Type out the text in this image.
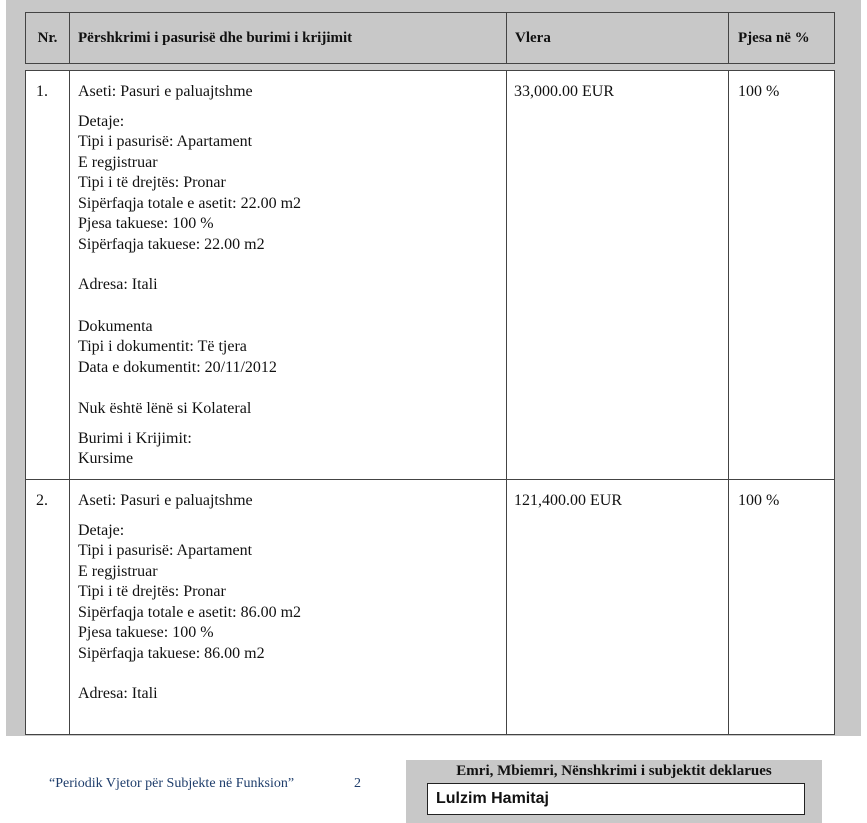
Nr.	Përshkrimi i pasurisë dhe burimi i krijimit	Vlera	Pjesa në %
1. Aseti: Pasuri e paluajtshme
Detaje:
Tipi i pasurisë: Apartament
E regjistruar
Tipi i të drejtës: Pronar
Sipërfaqja totale e asetit: 22.00 m2
Pjesa takuese: 100 %
Sipërfaqja takuese: 22.00 m2
Adresa: Itali
Dokumenta
Tipi i dokumentit: Të tjera
Data e dokumentit: 20/11/2012
Nuk është lënë si Kolateral
Burimi i Krijimit:
Kursime
33,000.00 EUR	100 %
2. Aseti: Pasuri e paluajtshme
Detaje:
Tipi i pasurisë: Apartament
E regjistruar
Tipi i të drejtës: Pronar
Sipërfaqja totale e asetit: 86.00 m2
Pjesa takuese: 100 %
Sipërfaqja takuese: 86.00 m2
Adresa: Itali
121,400.00 EUR	100 %
“Periodik Vjetor për Subjekte në Funksion”	2
Emri, Mbiemri, Nënshkrimi i subjektit deklarues
Lulzim Hamitaj
